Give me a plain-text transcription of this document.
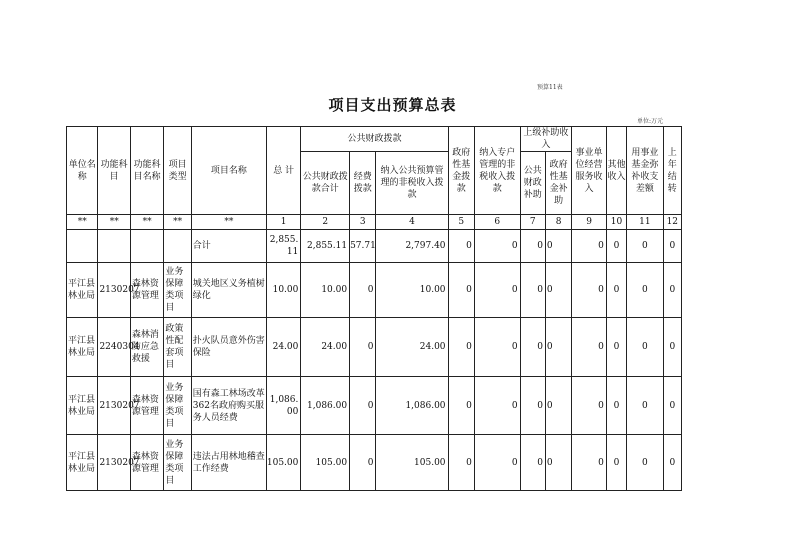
预算11表
项目支出预算总表
单位:万元
单位名称	功能科目	功能科目名称	项目类型	项目名称	总 计	公共财政拨款			政府性基金拨款	纳入专户管理的非税收入拨款	上级补助收入		事业单位经营服务收入	其他收入	用事业基金弥补收支差额	上年结转
						公共财政拨款合计	经费拨款	纳入公共预算管理的非税收入拨款			公共财政补助	政府性基金补助				
**	**	**	**	**	1	2	3	4	5	6	7	8	9	10	11	12
				合计	2,855.11	2,855.11	57.71	2,797.40	0	0	0	0	0	0	0	0
平江县林业局	2130207	森林资源管理	业务保障类项目	城关地区义务植树绿化	10.00	10.00	0	10.00	0	0	0	0	0	0	0	0
平江县林业局	2240304	森林消防应急救援	政策性配套项目	扑火队员意外伤害保险	24.00	24.00	0	24.00	0	0	0	0	0	0	0	0
平江县林业局	2130207	森林资源管理	业务保障类项目	国有森工林场改革362名政府购买服务人员经费	1,086.00	1,086.00	0	1,086.00	0	0	0	0	0	0	0	0
平江县林业局	2130207	森林资源管理	业务保障类项目	违法占用林地稽查工作经费	105.00	105.00	0	105.00	0	0	0	0	0	0	0	0
